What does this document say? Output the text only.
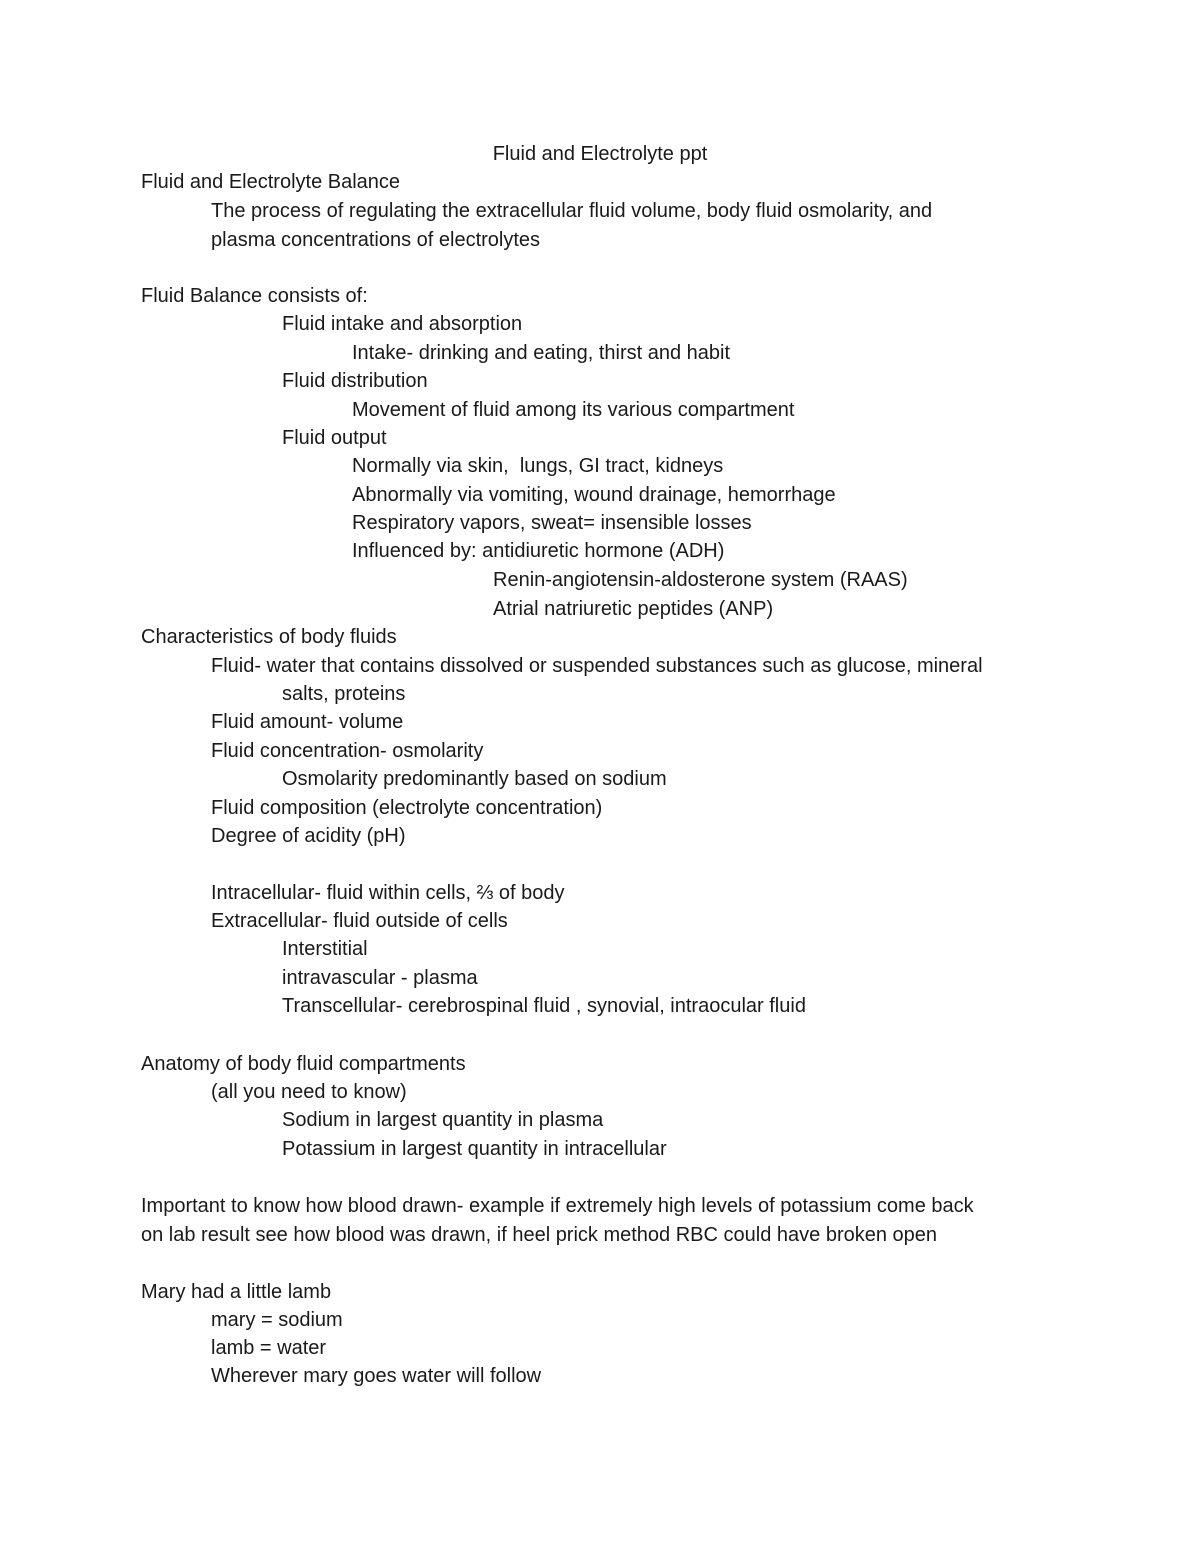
Fluid and Electrolyte ppt

Fluid and Electrolyte Balance

The process of regulating the extracellular fluid volume, body fluid osmolarity, and

plasma concentrations of electrolytes

Fluid Balance consists of:

Fluid intake and absorption

Intake- drinking and eating, thirst and habit

Fluid distribution

Movement of fluid among its various compartment

Fluid output

Normally via skin,  lungs, GI tract, kidneys

Abnormally via vomiting, wound drainage, hemorrhage

Respiratory vapors, sweat= insensible losses

Influenced by: antidiuretic hormone (ADH)

Renin-angiotensin-aldosterone system (RAAS)

Atrial natriuretic peptides (ANP)

Characteristics of body fluids

Fluid- water that contains dissolved or suspended substances such as glucose, mineral

salts, proteins

Fluid amount- volume

Fluid concentration- osmolarity

Osmolarity predominantly based on sodium

Fluid composition (electrolyte concentration)

Degree of acidity (pH)

Intracellular- fluid within cells, ⅔ of body

Extracellular- fluid outside of cells

Interstitial

intravascular - plasma

Transcellular- cerebrospinal fluid , synovial, intraocular fluid

Anatomy of body fluid compartments

(all you need to know)

Sodium in largest quantity in plasma

Potassium in largest quantity in intracellular

Important to know how blood drawn- example if extremely high levels of potassium come back

on lab result see how blood was drawn, if heel prick method RBC could have broken open

Mary had a little lamb

mary = sodium

lamb = water

Wherever mary goes water will follow
